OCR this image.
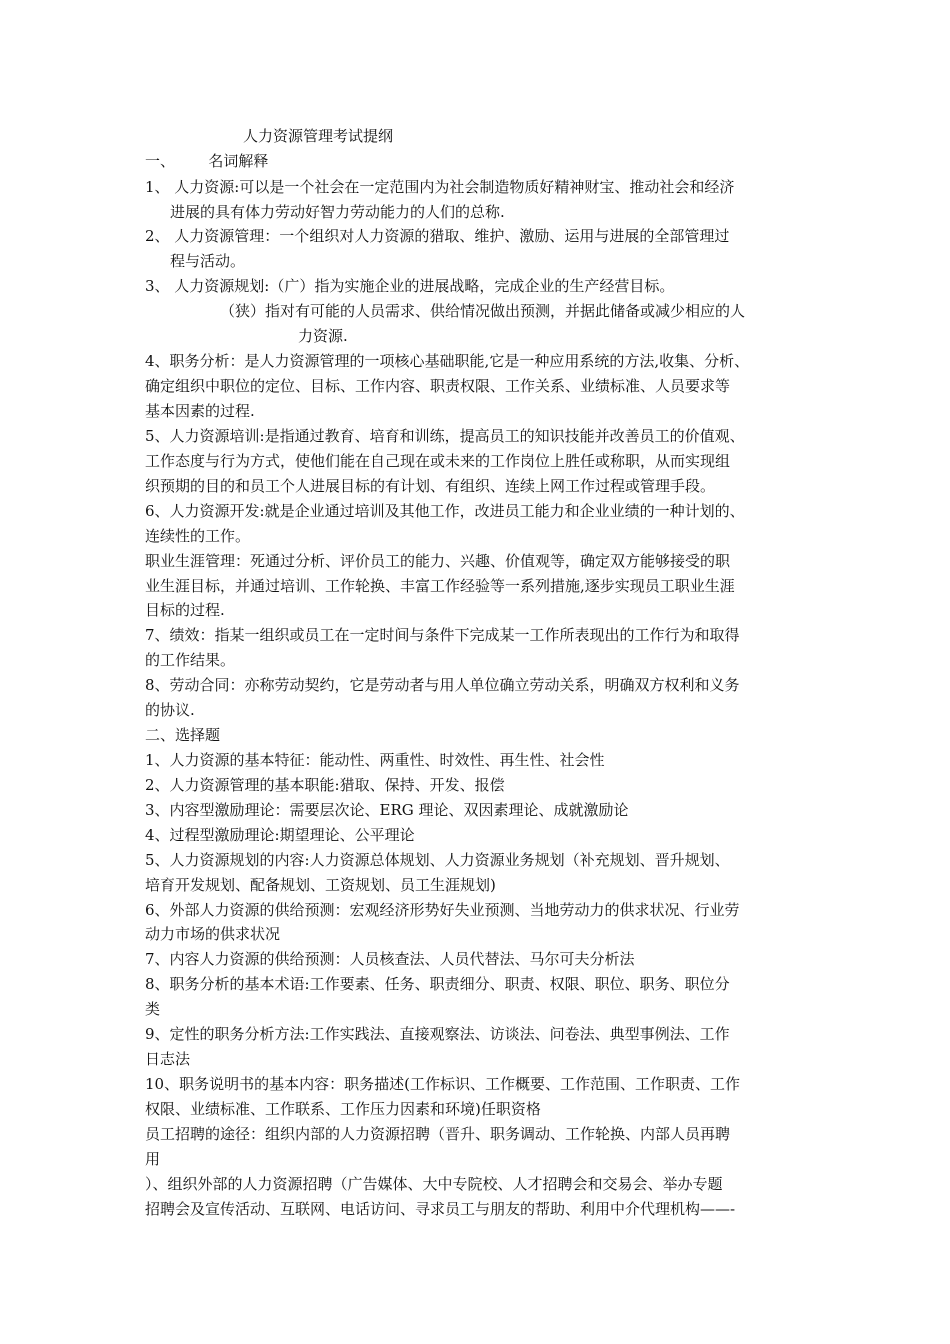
人力资源管理考试提纲
一、       名词解释
1、 人力资源:可以是一个社会在一定范围内为社会制造物质好精神财宝、推动社会和经济
进展的具有体力劳动好智力劳动能力的人们的总称.
2、 人力资源管理：一个组织对人力资源的猎取、维护、激励、运用与进展的全部管理过
程与活动。
3、 人力资源规划:（广）指为实施企业的进展战略，完成企业的生产经营目标。
（狭）指对有可能的人员需求、供给情况做出预测，并据此储备或减少相应的人
力资源.
4、职务分析：是人力资源管理的一项核心基础职能,它是一种应用系统的方法,收集、分析、
确定组织中职位的定位、目标、工作内容、职责权限、工作关系、业绩标准、人员要求等
基本因素的过程.
5、人力资源培训:是指通过教育、培育和训练，提高员工的知识技能并改善员工的价值观、
工作态度与行为方式，使他们能在自己现在或未来的工作岗位上胜任或称职，从而实现组
织预期的目的和员工个人进展目标的有计划、有组织、连续上网工作过程或管理手段。
6、人力资源开发:就是企业通过培训及其他工作，改进员工能力和企业业绩的一种计划的、
连续性的工作。
职业生涯管理：死通过分析、评价员工的能力、兴趣、价值观等，确定双方能够接受的职
业生涯目标，并通过培训、工作轮换、丰富工作经验等一系列措施,逐步实现员工职业生涯
目标的过程.
7、绩效：指某一组织或员工在一定时间与条件下完成某一工作所表现出的工作行为和取得
的工作结果。
8、劳动合同：亦称劳动契约，它是劳动者与用人单位确立劳动关系，明确双方权利和义务
的协议.
二、选择题
1、人力资源的基本特征：能动性、两重性、时效性、再生性、社会性
2、人力资源管理的基本职能:猎取、保持、开发、报偿
3、内容型激励理论：需要层次论、ERG 理论、双因素理论、成就激励论
4、过程型激励理论:期望理论、公平理论
5、人力资源规划的内容:人力资源总体规划、人力资源业务规划（补充规划、晋升规划、
培育开发规划、配备规划、工资规划、员工生涯规划)
6、外部人力资源的供给预测：宏观经济形势好失业预测、当地劳动力的供求状况、行业劳
动力市场的供求状况
7、内容人力资源的供给预测：人员核查法、人员代替法、马尔可夫分析法
8、职务分析的基本术语:工作要素、任务、职责细分、职责、权限、职位、职务、职位分
类
9、定性的职务分析方法:工作实践法、直接观察法、访谈法、问卷法、典型事例法、工作
日志法
10、职务说明书的基本内容：职务描述(工作标识、工作概要、工作范围、工作职责、工作
权限、业绩标准、工作联系、工作压力因素和环境)任职资格
员工招聘的途径：组织内部的人力资源招聘（晋升、职务调动、工作轮换、内部人员再聘
用
）、组织外部的人力资源招聘（广告媒体、大中专院校、人才招聘会和交易会、举办专题
招聘会及宣传活动、互联网、电话访问、寻求员工与朋友的帮助、利用中介代理机构——-
